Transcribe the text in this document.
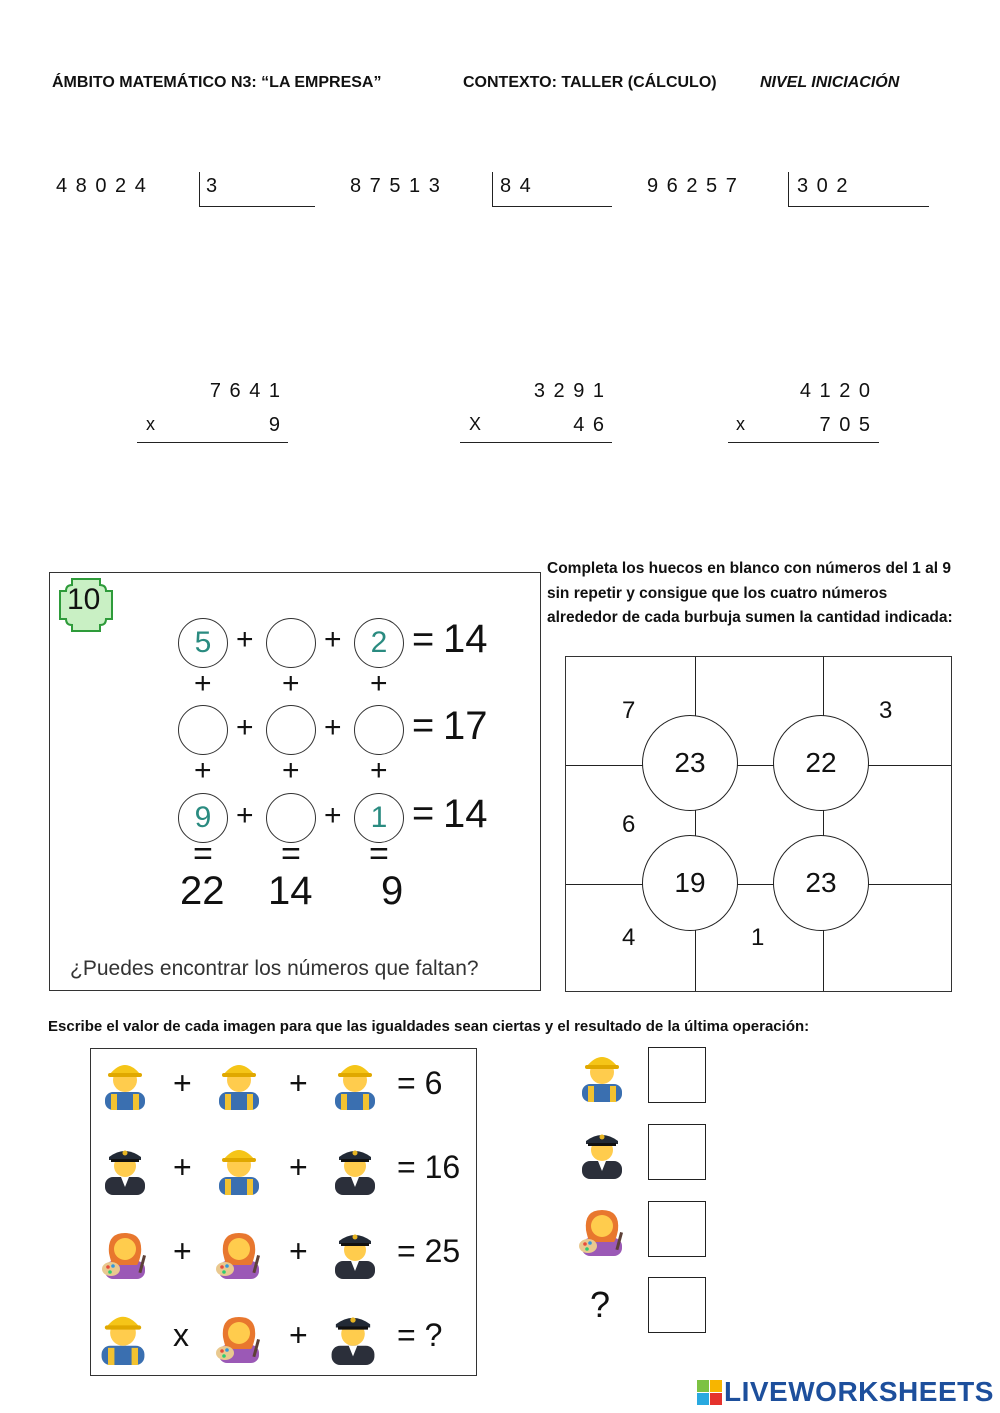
ÁMBITO MATEMÁTICO N3: “LA EMPRESA”	CONTEXTO: TALLER (CÁLCULO)	NIVEL INICIACIÓN
4 8 0 2 4	3	8 7 5 1 3	8 4	9 6 2 5 7	3 0 2
7 6 4 1
x	9
3 2 9 1
X	4 6
4 1 2 0
x	7 0 5
10
5 + + 2 = 14
+ + +
+ + = 17
+ + +
9 + + 1 = 14
= = =
22 14 9
¿Puedes encontrar los números que faltan?
Completa los huecos en blanco con números del 1 al 9 sin repetir y consigue que los cuatro números alrededor de cada burbuja sumen la cantidad indicada:
7	3
6
4	1
23	22
19	23
Escribe el valor de cada imagen para que las igualdades sean ciertas y el resultado de la última operación:
+	+	= 6
+	+	= 16
+	+	= 25
x	+	= ?
?
LIVEWORKSHEETS
